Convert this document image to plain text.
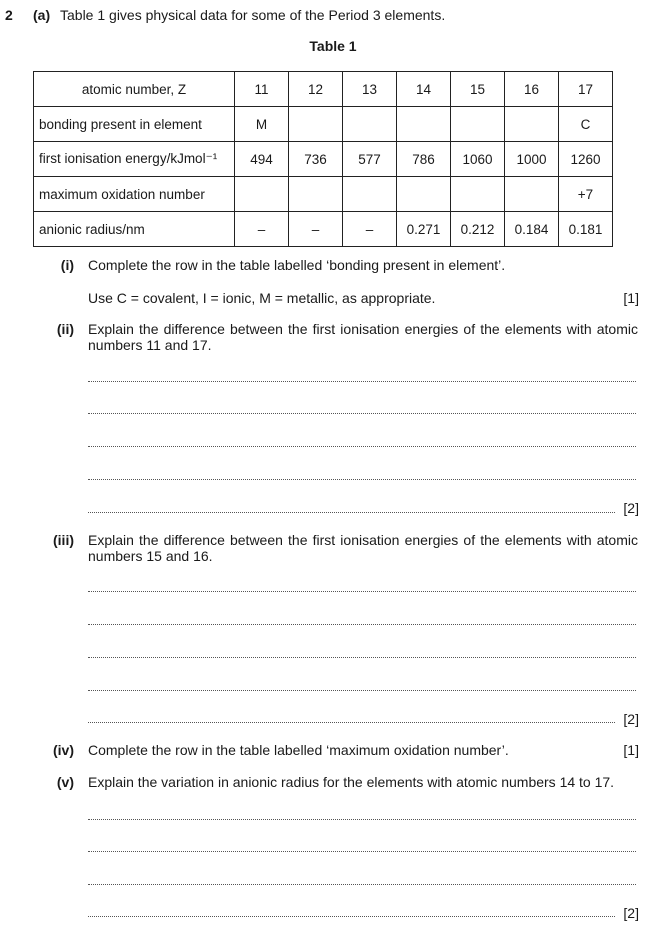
2 (a) Table 1 gives physical data for some of the Period 3 elements.
Table 1
atomic number, Z	11	12	13	14	15	16	17
bonding present in element	M						C
first ionisation energy/kJmol⁻¹	494	736	577	786	1060	1000	1260
maximum oxidation number							+7
anionic radius/nm	–	–	–	0.271	0.212	0.184	0.181
(i) Complete the row in the table labelled ‘bonding present in element’.
Use C = covalent, I = ionic, M = metallic, as appropriate.	[1]
(ii) Explain the difference between the first ionisation energies of the elements with atomic numbers 11 and 17.
[2]
(iii) Explain the difference between the first ionisation energies of the elements with atomic numbers 15 and 16.
[2]
(iv) Complete the row in the table labelled ‘maximum oxidation number’.	[1]
(v) Explain the variation in anionic radius for the elements with atomic numbers 14 to 17.
[2]
